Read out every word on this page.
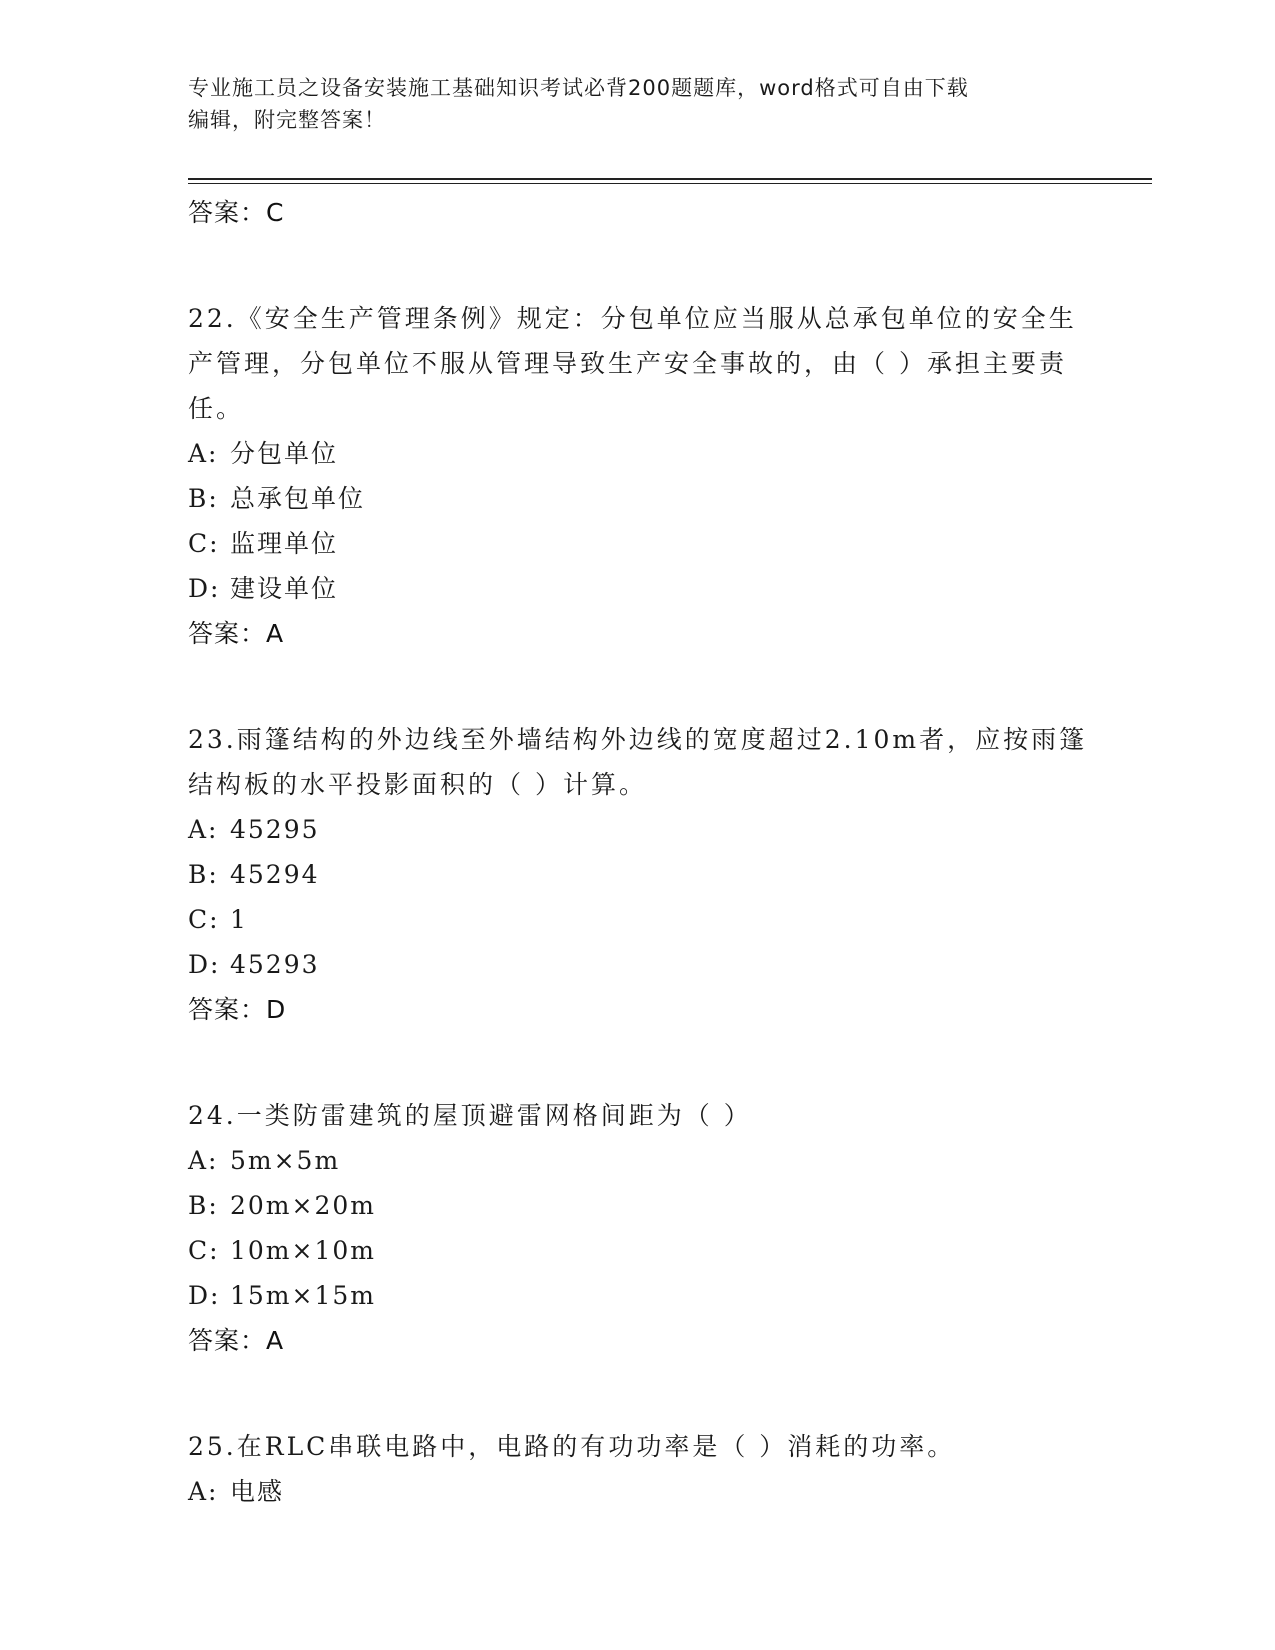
专业施工员之设备安装施工基础知识考试必背200题题库，word格式可自由下载
编辑，附完整答案！
答案：C
22.《安全生产管理条例》规定：分包单位应当服从总承包单位的安全生产管理，分包单位不服从管理导致生产安全事故的，由（ ）承担主要责任。
A: 分包单位
B: 总承包单位
C: 监理单位
D: 建设单位
答案：A
23.雨篷结构的外边线至外墙结构外边线的宽度超过2.10m者，应按雨篷结构板的水平投影面积的（ ）计算。
A: 45295
B: 45294
C: 1
D: 45293
答案：D
24.一类防雷建筑的屋顶避雷网格间距为（ ）
A: 5m×5m
B: 20m×20m
C: 10m×10m
D: 15m×15m
答案：A
25.在RLC串联电路中，电路的有功功率是（ ）消耗的功率。
A: 电感
